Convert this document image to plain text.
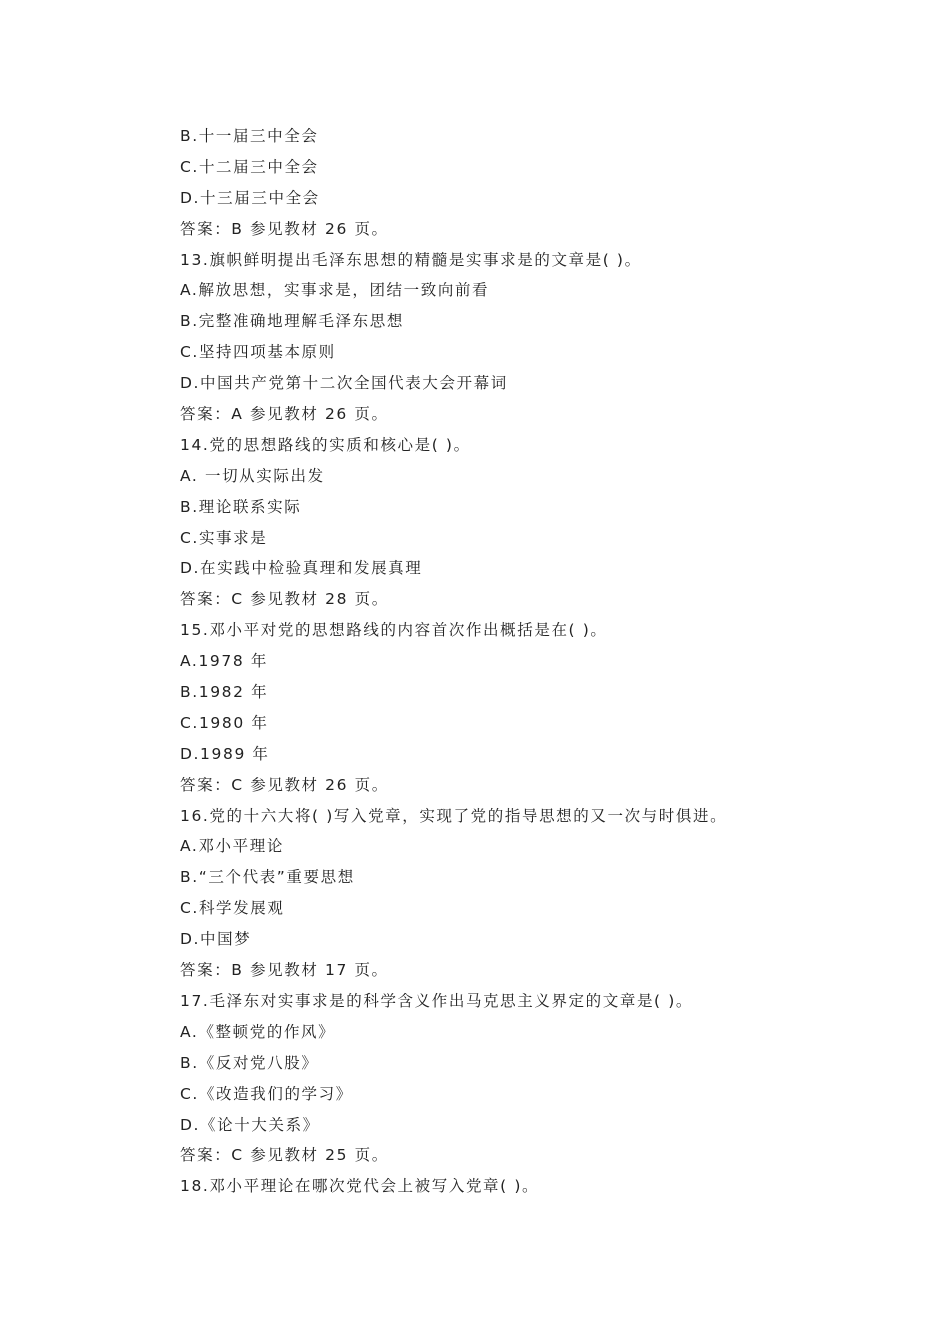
B.十一届三中全会
C.十二届三中全会
D.十三届三中全会
答案：B 参见教材 26 页。
13.旗帜鲜明提出毛泽东思想的精髓是实事求是的文章是( )。
A.解放思想，实事求是，团结一致向前看
B.完整准确地理解毛泽东思想
C.坚持四项基本原则
D.中国共产党第十二次全国代表大会开幕词
答案：A 参见教材 26 页。
14.党的思想路线的实质和核心是( )。
A. 一切从实际出发
B.理论联系实际
C.实事求是
D.在实践中检验真理和发展真理
答案：C 参见教材 28 页。
15.邓小平对党的思想路线的内容首次作出概括是在( )。
A.1978 年
B.1982 年
C.1980 年
D.1989 年
答案：C 参见教材 26 页。
16.党的十六大将( )写入党章，实现了党的指导思想的又一次与时俱进。
A.邓小平理论
B.“三个代表”重要思想
C.科学发展观
D.中国梦
答案：B 参见教材 17 页。
17.毛泽东对实事求是的科学含义作出马克思主义界定的文章是( )。
A.《整顿党的作风》
B.《反对党八股》
C.《改造我们的学习》
D.《论十大关系》
答案：C 参见教材 25 页。
18.邓小平理论在哪次党代会上被写入党章( )。
